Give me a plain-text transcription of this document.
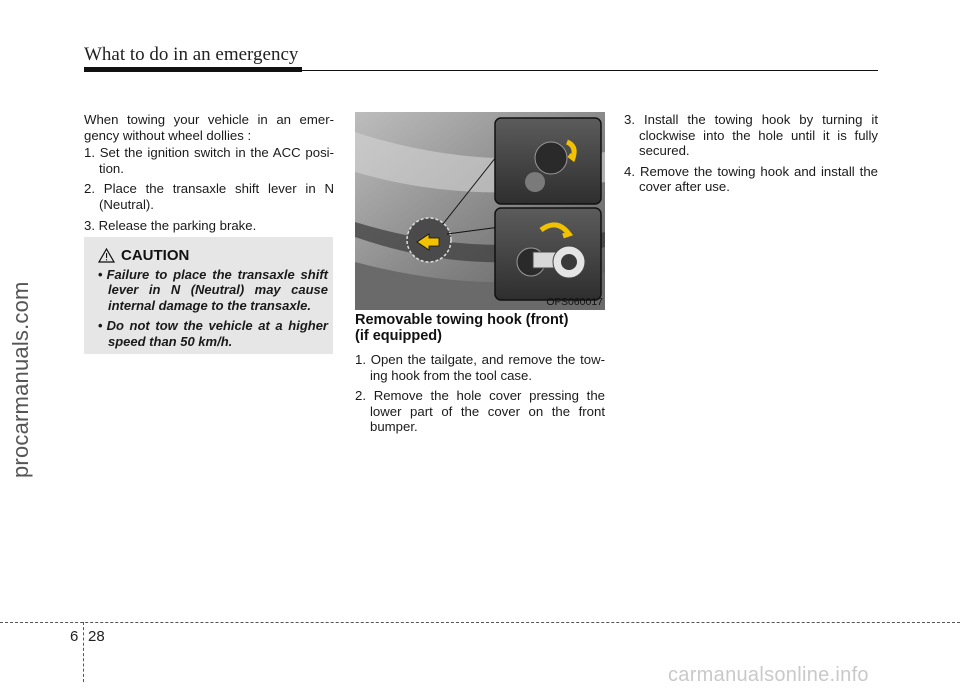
What to do in an emergency
procarmanuals.com

When towing your vehicle in an emer- gency without wheel dollies :

1. Set the ignition switch in the ACC posi- tion.
2. Place the transaxle shift lever in N (Neutral).
3. Release the parking brake.
CAUTION
• Failure to place the transaxle shift lever in N (Neutral) may cause internal damage to the transaxle.
• Do not tow the vehicle at a higher speed than 50 km/h.
OFS060017
Removable towing hook (front)
(if equipped)
1. Open the tailgate, and remove the tow- ing hook from the tool case.
2. Remove the hole cover pressing the lower part of the cover on the front bumper.
3. Install the towing hook by turning it clockwise into the hole until it is fully secured.
4. Remove the towing hook and install the cover after use.
6 28
carmanualsonline.info
